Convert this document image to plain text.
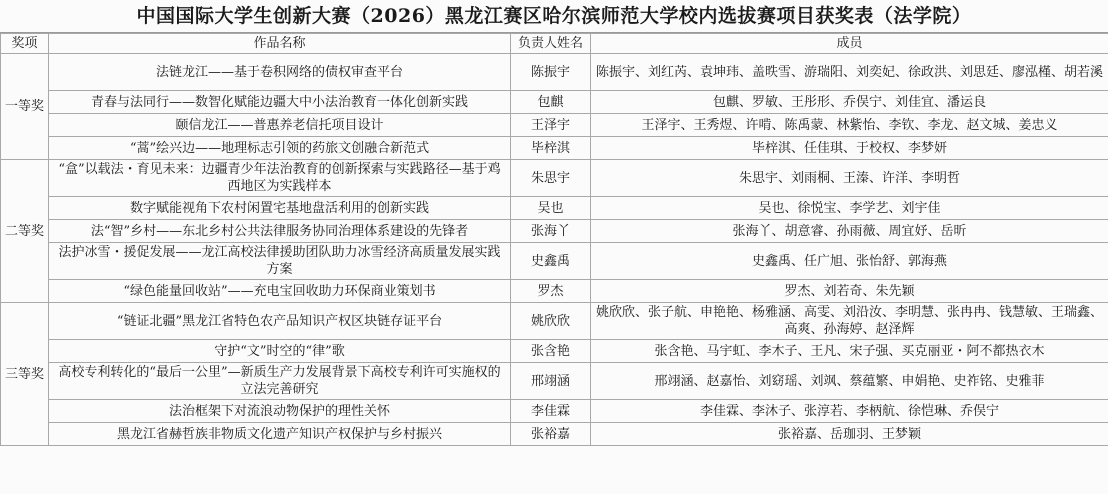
中国国际大学生创新大赛（2026）黑龙江赛区哈尔滨师范大学校内选拔赛项目获奖表（法学院）
奖项	作品名称	负责人姓名	成员
一等奖	法链龙江——基于卷积网络的债权审查平台	陈振宇	陈振宇、刘红芮、袁坤玮、盖昳雪、游瑞阳、刘奕妃、徐政洪、刘思廷、廖泓槿、胡若溪
	青春与法同行——数智化赋能边疆大中小法治教育一体化创新实践	包麒	包麒、罗敏、王彤形、乔俣宁、刘佳宜、潘运良
	颐信龙江——普惠养老信托项目设计	王泽宇	王泽宇、王秀煜、许啃、陈禹蒙、林紫怡、李钦、李龙、赵文城、姜忠义
	“蒿”绘兴边——地理标志引领的药旅文创融合新范式	毕梓淇	毕梓淇、任佳琪、于校权、李梦妍
二等奖	“盒”以载法・育见未来：边疆青少年法治教育的创新探索与实践路径—基于鸡西地区为实践样本	朱思宇	朱思宇、刘雨桐、王溱、许洋、李明哲
	数字赋能视角下农村闲置宅基地盘活利用的创新实践	吴也	吴也、徐悦宝、李学艺、刘宇佳
	法“智”乡村——东北乡村公共法律服务协同治理体系建设的先锋者	张海丫	张海丫、胡意睿、孙雨薇、周宜妤、岳昕
	法护冰雪・援促发展——龙江高校法律援助团队助力冰雪经济高质量发展实践方案	史鑫禹	史鑫禹、任广旭、张怡舒、郭海燕
	“绿色能量回收站”——充电宝回收助力环保商业策划书	罗杰	罗杰、刘若奇、朱先颖
三等奖	“链证北疆”黑龙江省特色农产品知识产权区块链存证平台	姚欣欣	姚欣欣、张子航、申艳艳、杨雅涵、高雯、刘沿汝、李明慧、张冉冉、钱慧敏、王瑞鑫、高爽、孙海婷、赵泽辉
	守护“文”时空的“律”歌	张含艳	张含艳、马宇虹、李木子、王凡、宋子强、买克丽亚・阿不都热衣木
	高校专利转化的“最后一公里”—新质生产力发展背景下高校专利许可实施权的立法完善研究	邢翊涵	邢翊涵、赵嘉怡、刘窈瑶、刘飒、蔡蕴繁、申娟艳、史祚铭、史雅菲
	法治框架下对流浪动物保护的理性关怀	李佳霖	李佳霖、李沐子、张淳若、李柄航、徐恺琳、乔俣宁
	黑龙江省赫哲族非物质文化遗产知识产权保护与乡村振兴	张裕嘉	张裕嘉、岳珈羽、王梦颖
